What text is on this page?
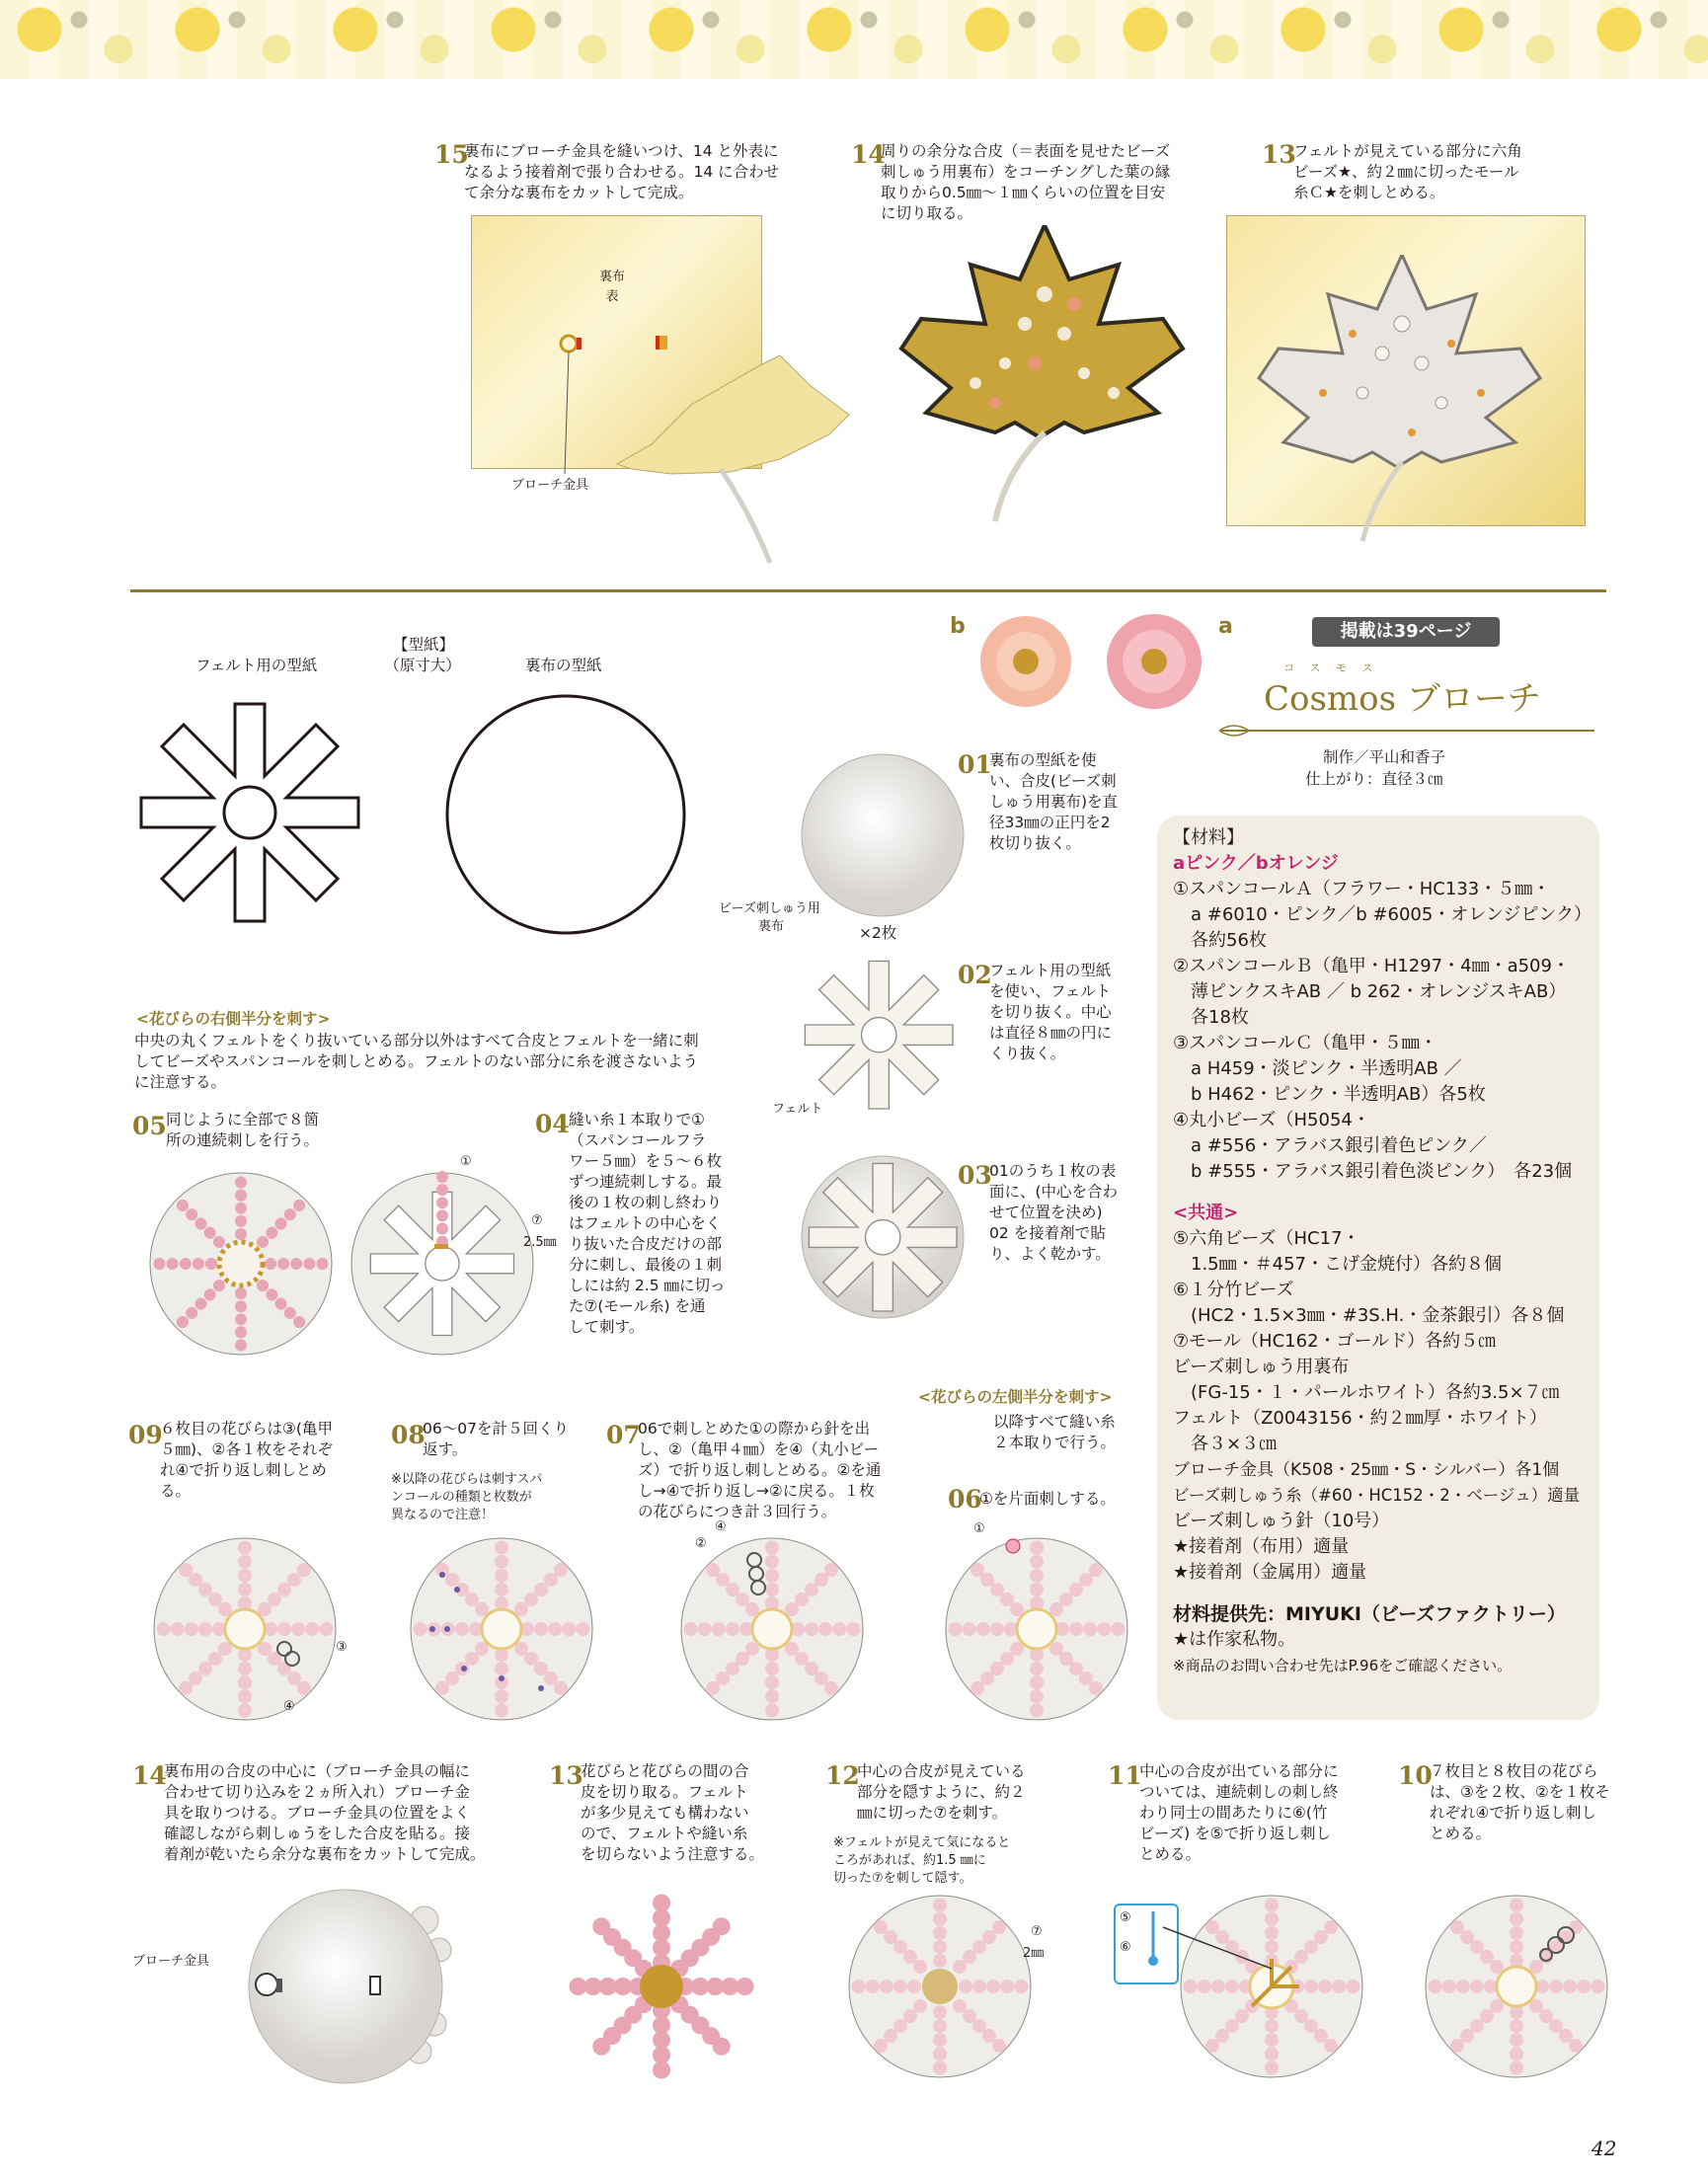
15
裏布にブローチ金具を縫いつけ、14 と外表に
なるよう接着剤で張り合わせる。14 に合わせ
て余分な裏布をカットして完成。
裏布
表
ブローチ金具
14
周りの余分な合皮（＝表面を見せたビーズ
刺しゅう用裏布）をコーチングした葉の縁
取りから0.5㎜～１㎜くらいの位置を目安
に切り取る。
13
フェルトが見えている部分に六角
ビーズ★、約２㎜に切ったモール
糸Ｃ★を刺しとめる。
b	a	掲載は39ページ
コ ス モ ス
Cosmos ブローチ
制作／平山和香子
仕上がり：直径３㎝
【型紙】
（原寸大）
フェルト用の型紙	裏布の型紙
01
裏布の型紙を使
い、合皮(ビーズ刺
しゅう用裏布)を直
径33㎜の正円を2
枚切り抜く。
ビーズ刺しゅう用
裏布	×2枚
02
フェルト用の型紙
を使い、フェルト
を切り抜く。中心
は直径８㎜の円に
くり抜く。
フェルト
03
01のうち１枚の表
面に、(中心を合わ
せて位置を決め)
02 を接着剤で貼
り、よく乾かす。
<花びらの右側半分を刺す>
中央の丸くフェルトをくり抜いている部分以外はすべて合皮とフェルトを一緒に刺
してビーズやスパンコールを刺しとめる。フェルトのない部分に糸を渡さないよう
に注意する。
05 同じように全部で８箇
所の連続刺しを行う。
①
⑦
2.5㎜
04 縫い糸１本取りで①
（スパンコールフラ
ワー５㎜）を５～６枚
ずつ連続刺しする。最
後の１枚の刺し終わり
はフェルトの中心をく
り抜いた合皮だけの部
分に刺し、最後の１刺
しには約 2.5 ㎜に切っ
た⑦(モール糸) を通
して刺す。
<花びらの左側半分を刺す>
以降すべて縫い糸
２本取りで行う。
09
６枚目の花びらは③(亀甲
５㎜)、②各１枚をそれぞ
れ④で折り返し刺しとめ
る。
08
06～07を計５回くり
返す。
※以降の花びらは刺すスパ
ンコールの種類と枚数が
異なるので注意！
07
06で刺しとめた①の際から針を出
し、②（亀甲４㎜）を④（丸小ビー
ズ）で折り返し刺しとめる。②を通
し→④で折り返し→②に戻る。１枚
の花びらにつき計３回行う。	06
①を片面刺しする。
③
④
②
④	①
【材料】
aピンク／bオレンジ
①スパンコールＡ（フラワー・HC133・５㎜・
　a #6010・ピンク／b #6005・オレンジピンク）
　各約56枚
②スパンコールＢ（亀甲・H1297・4㎜・a509・
　薄ピンクスキAB ／ b 262・オレンジスキAB）
　各18枚
③スパンコールＣ（亀甲・５㎜・
　a H459・淡ピンク・半透明AB ／
　b H462・ピンク・半透明AB）各5枚
④丸小ビーズ（H5054・
　a #556・アラバス銀引着色ピンク／
　b #555・アラバス銀引着色淡ピンク）　各23個
<共通>
⑤六角ビーズ（HC17・
　1.5㎜・＃457・こげ金焼付）各約８個
⑥１分竹ビーズ
　(HC2・1.5×3㎜・#3S.H.・金茶銀引）各８個
⑦モール（HC162・ゴールド）各約５㎝
ビーズ刺しゅう用裏布
　(FG-15・１・パールホワイト）各約3.5×７㎝
フェルト（Z0043156・約２㎜厚・ホワイト）
　各３×３㎝
ブローチ金具（K508・25㎜・S・シルバー）各1個
ビーズ刺しゅう糸（#60・HC152・2・ベージュ）適量
ビーズ刺しゅう針（10号）
★接着剤（布用）適量
★接着剤（金属用）適量
材料提供先：MIYUKI（ビーズファクトリー）
★は作家私物。
※商品のお問い合わせ先はP.96をご確認ください。
14
裏布用の合皮の中心に（ブローチ金具の幅に
合わせて切り込みを２ヵ所入れ）ブローチ金
具を取りつける。ブローチ金具の位置をよく
確認しながら刺しゅうをした合皮を貼る。接
着剤が乾いたら余分な裏布をカットして完成。
ブローチ金具
13
花びらと花びらの間の合
皮を切り取る。フェルト
が多少見えても構わない
ので、フェルトや縫い糸
を切らないよう注意する。
12
中心の合皮が見えている
部分を隠すように、約２
㎜に切った⑦を刺す。
※フェルトが見えて気になると
ころがあれば、約1.5 ㎜に
切った⑦を刺して隠す。
⑦
2㎜
11
中心の合皮が出ている部分に
ついては、連続刺しの刺し終
わり同士の間あたりに⑥(竹
ビーズ) を⑤で折り返し刺し
とめる。
⑤
⑥
10
７枚目と８枚目の花びら
は、③を２枚、②を１枚そ
れぞれ④で折り返し刺し
とめる。
42
